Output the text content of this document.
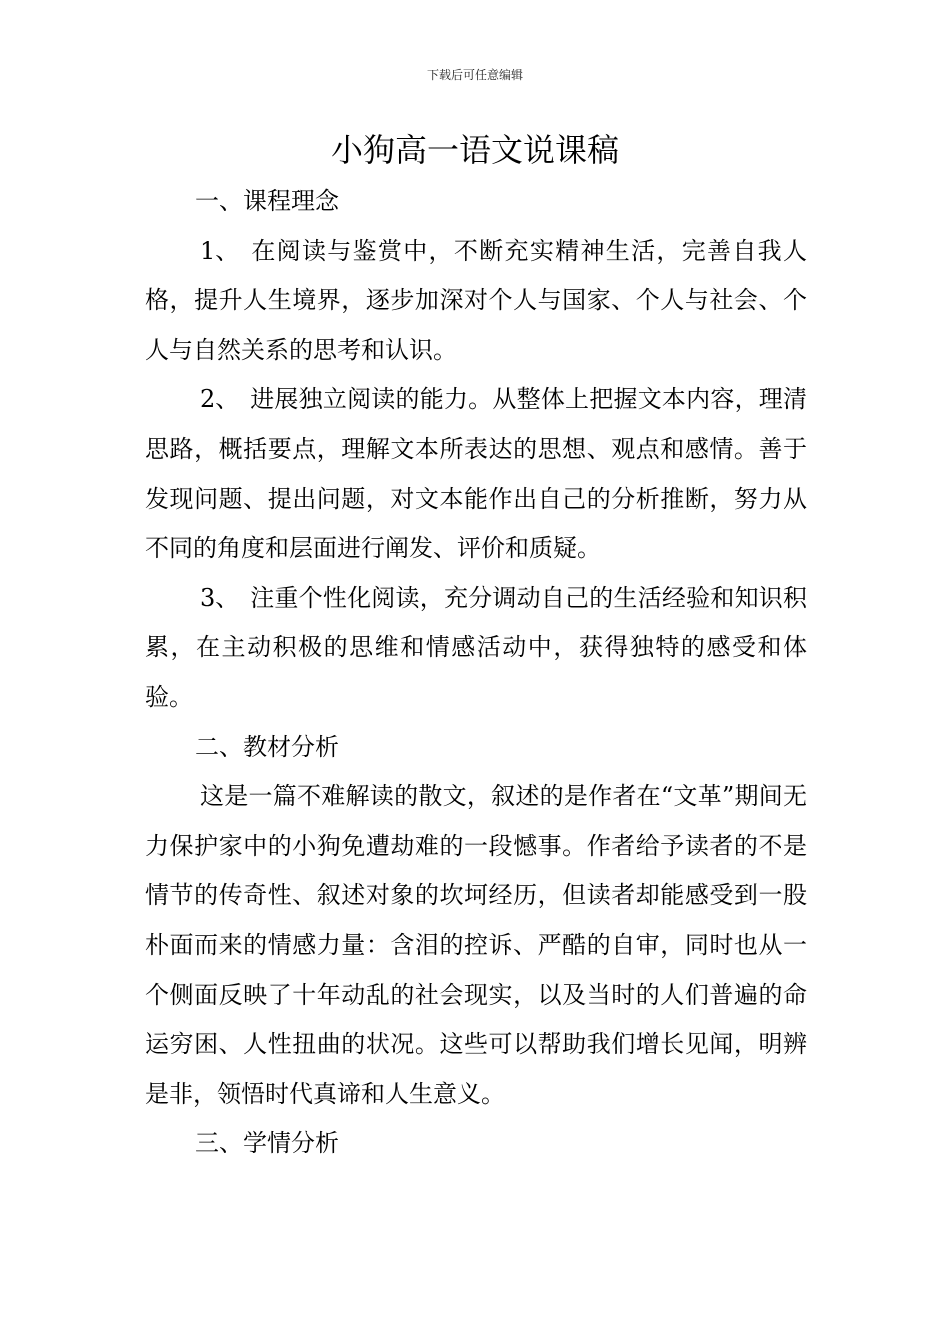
下载后可任意编辑
小狗高一语文说课稿

一、课程理念

1、 在阅读与鉴赏中，不断充实精神生活，完善自我人格，提升人生境界，逐步加深对个人与国家、个人与社会、个人与自然关系的思考和认识。

2、 进展独立阅读的能力。从整体上把握文本内容，理清思路，概括要点，理解文本所表达的思想、观点和感情。善于发现问题、提出问题，对文本能作出自己的分析推断，努力从不同的角度和层面进行阐发、评价和质疑。

3、 注重个性化阅读，充分调动自己的生活经验和知识积累，在主动积极的思维和情感活动中，获得独特的感受和体验。

二、教材分析

这是一篇不难解读的散文，叙述的是作者在“文革”期间无力保护家中的小狗免遭劫难的一段憾事。作者给予读者的不是情节的传奇性、叙述对象的坎坷经历，但读者却能感受到一股朴面而来的情感力量：含泪的控诉、严酷的自审，同时也从一个侧面反映了十年动乱的社会现实，以及当时的人们普遍的命运穷困、人性扭曲的状况。这些可以帮助我们增长见闻，明辨是非，领悟时代真谛和人生意义。

三、学情分析
